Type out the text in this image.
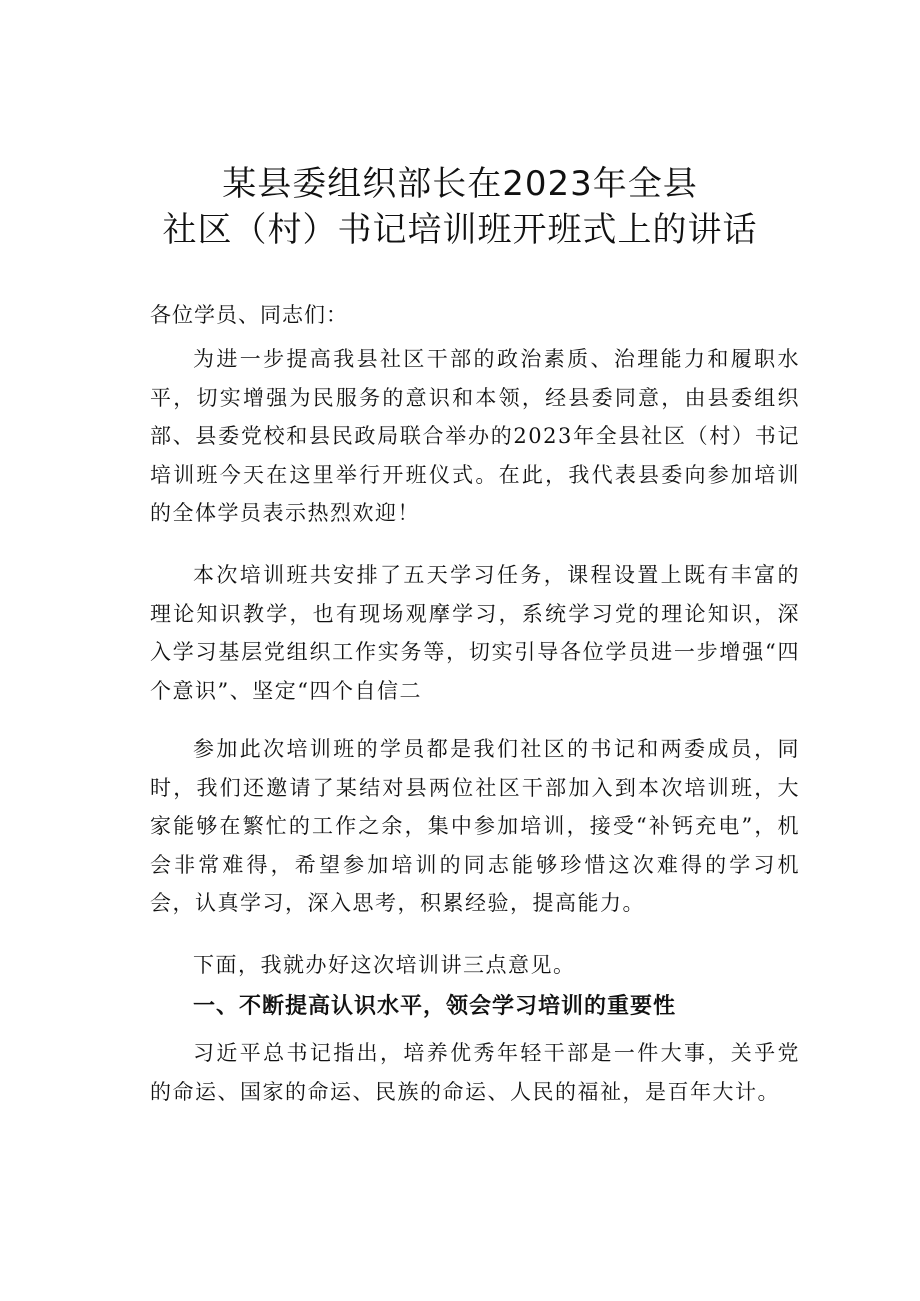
某县委组织部长在2023年全县
社区（村）书记培训班开班式上的讲话
各位学员、同志们：

为进一步提高我县社区干部的政治素质、治理能力和履职水平，切实增强为民服务的意识和本领，经县委同意，由县委组织部、县委党校和县民政局联合举办的2023年全县社区（村）书记培训班今天在这里举行开班仪式。在此，我代表县委向参加培训的全体学员表示热烈欢迎！

本次培训班共安排了五天学习任务，课程设置上既有丰富的理论知识教学，也有现场观摩学习，系统学习党的理论知识，深入学习基层党组织工作实务等，切实引导各位学员进一步增强“四个意识”、坚定“四个自信二

参加此次培训班的学员都是我们社区的书记和两委成员，同时，我们还邀请了某结对县两位社区干部加入到本次培训班，大家能够在繁忙的工作之余，集中参加培训，接受“补钙充电”，机会非常难得，希望参加培训的同志能够珍惜这次难得的学习机会，认真学习，深入思考，积累经验，提高能力。

下面，我就办好这次培训讲三点意见。

一、不断提高认识水平，领会学习培训的重要性

习近平总书记指出，培养优秀年轻干部是一件大事，关乎党的命运、国家的命运、民族的命运、人民的福祉，是百年大计。
